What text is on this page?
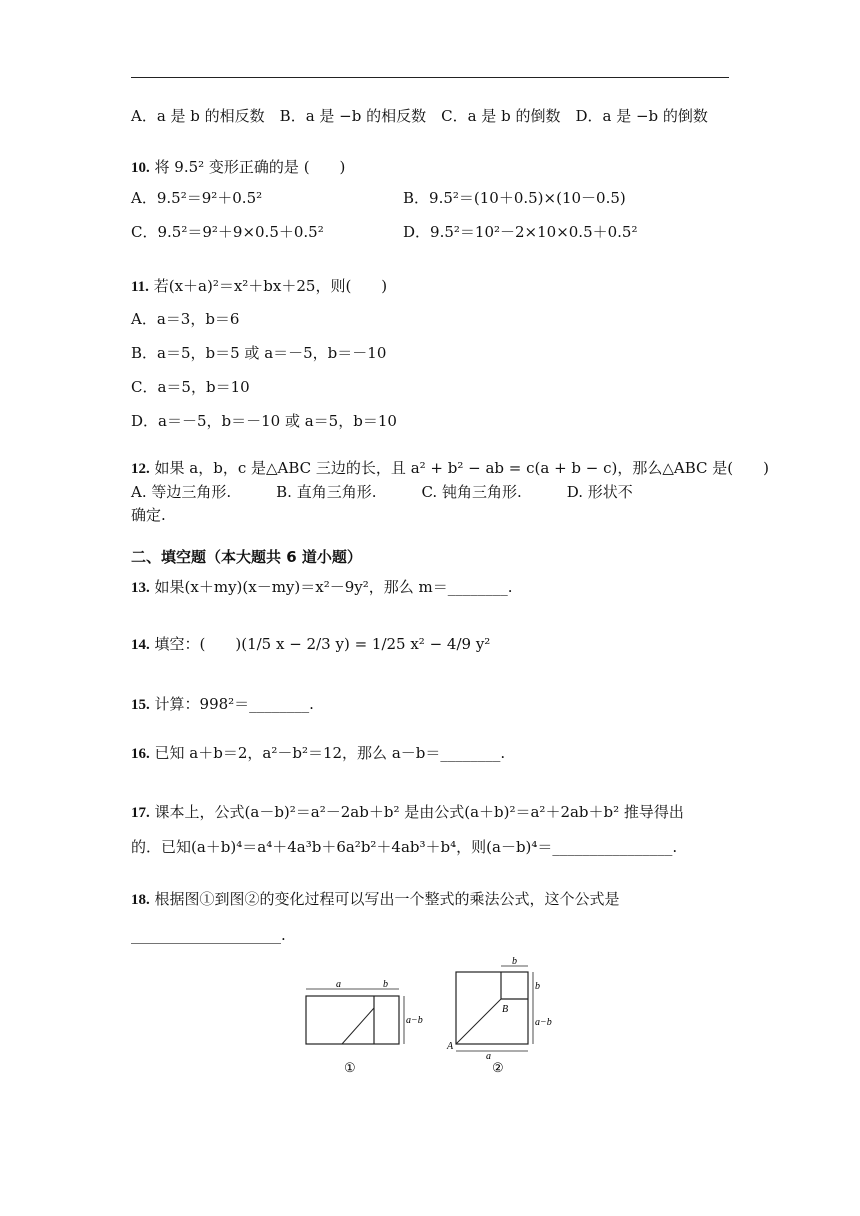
A．a 是 b 的相反数　B．a 是 −b 的相反数　C．a 是 b 的倒数　D．a 是 −b 的倒数
10. 将 9.5² 变形正确的是 (　　)
A．9.5²＝9²＋0.5²	B．9.5²＝(10＋0.5)×(10－0.5)
C．9.5²＝9²＋9×0.5＋0.5²	D．9.5²＝10²－2×10×0.5＋0.5²
11. 若(x＋a)²＝x²＋bx＋25，则(　　)
A．a＝3，b＝6
B．a＝5，b＝5 或 a＝－5，b＝－10
C．a＝5，b＝10
D．a＝－5，b＝－10 或 a＝5，b＝10
12. 如果 a，b，c 是△ABC 三边的长，且 a² + b² − ab = c(a + b − c)，那么△ABC 是(　　)
A. 等边三角形.　　　B. 直角三角形.　　　C. 钝角三角形.　　　D. 形状不
确定.
二、填空题（本大题共 6 道小题）
13. 如果(x＋my)(x－my)＝x²－9y²，那么 m＝________.
14. 填空：(　　)(1/5 x − 2/3 y) = 1/25 x² − 4/9 y²
15. 计算：998²＝________.
16. 已知 a＋b＝2，a²－b²＝12，那么 a－b＝________.
17. 课本上，公式(a－b)²＝a²－2ab＋b² 是由公式(a＋b)²＝a²＋2ab＋b² 推导得出
的．已知(a＋b)⁴＝a⁴＋4a³b＋6a²b²＋4ab³＋b⁴，则(a－b)⁴＝________________.
18. 根据图①到图②的变化过程可以写出一个整式的乘法公式，这个公式是
____________________.
a	b
a−b
①
b
b
a−b
B
A
a
②
